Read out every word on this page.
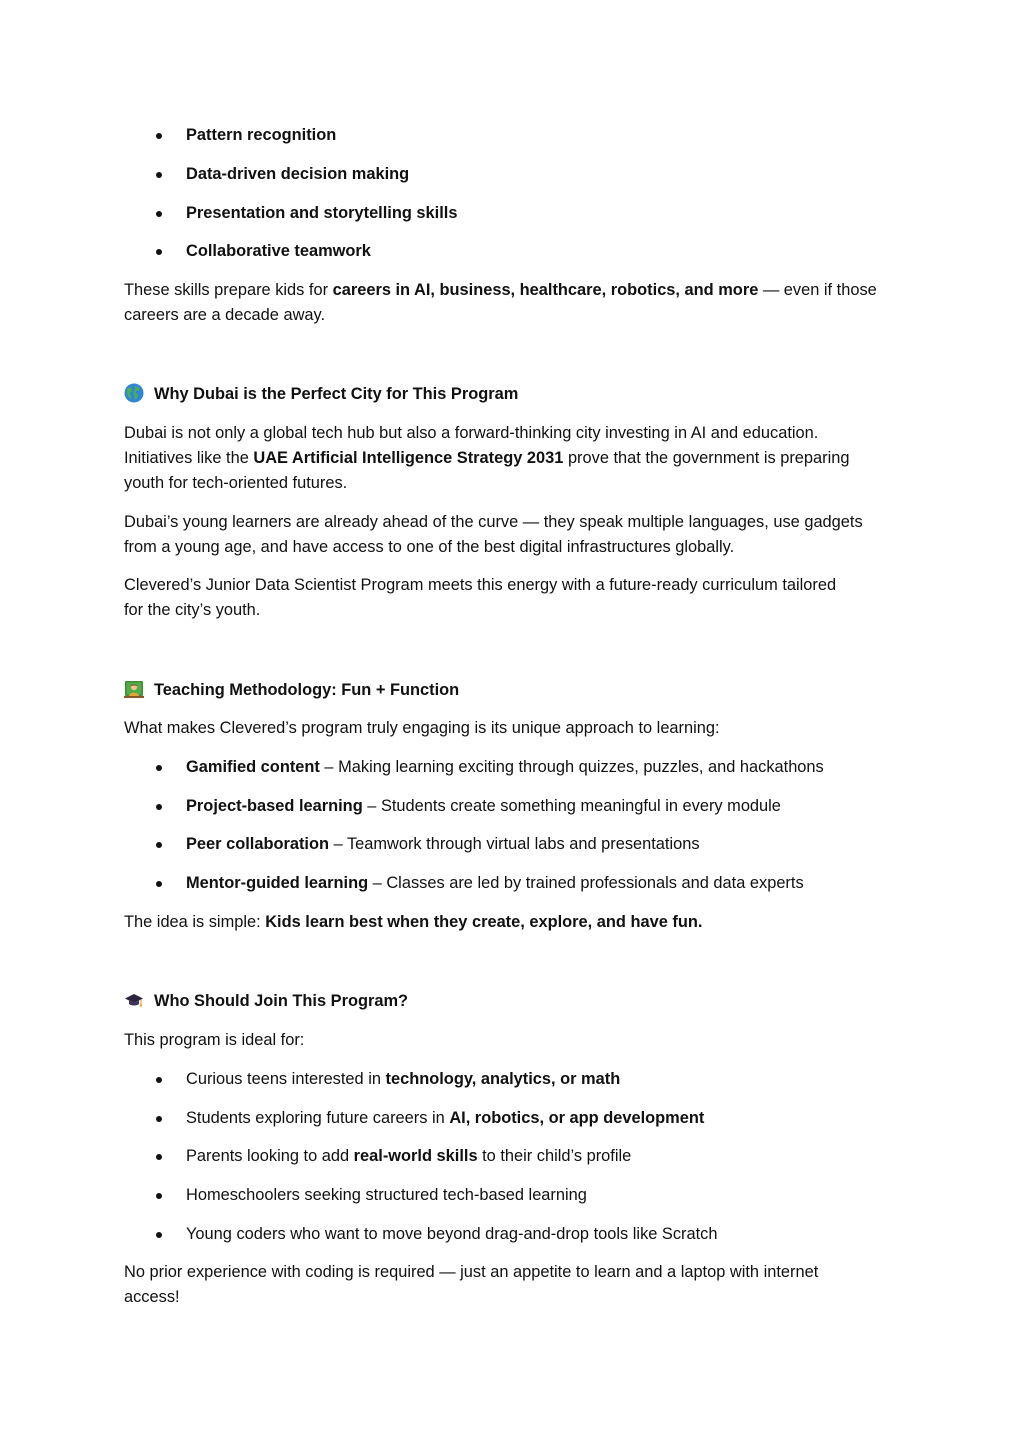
Pattern recognition
Data-driven decision making
Presentation and storytelling skills
Collaborative teamwork

These skills prepare kids for careers in AI, business, healthcare, robotics, and more — even if those

careers are a decade away.

Why Dubai is the Perfect City for This Program

Dubai is not only a global tech hub but also a forward-thinking city investing in AI and education.

Initiatives like the UAE Artificial Intelligence Strategy 2031 prove that the government is preparing

youth for tech-oriented futures.

Dubai’s young learners are already ahead of the curve — they speak multiple languages, use gadgets

from a young age, and have access to one of the best digital infrastructures globally.

Clevered’s Junior Data Scientist Program meets this energy with a future-ready curriculum tailored

for the city’s youth.

Teaching Methodology: Fun + Function

What makes Clevered’s program truly engaging is its unique approach to learning:

Gamified content – Making learning exciting through quizzes, puzzles, and hackathons
Project-based learning – Students create something meaningful in every module
Peer collaboration – Teamwork through virtual labs and presentations
Mentor-guided learning – Classes are led by trained professionals and data experts

The idea is simple: Kids learn best when they create, explore, and have fun.

Who Should Join This Program?

This program is ideal for:

Curious teens interested in technology, analytics, or math
Students exploring future careers in AI, robotics, or app development
Parents looking to add real-world skills to their child’s profile
Homeschoolers seeking structured tech-based learning
Young coders who want to move beyond drag-and-drop tools like Scratch

No prior experience with coding is required — just an appetite to learn and a laptop with internet

access!
